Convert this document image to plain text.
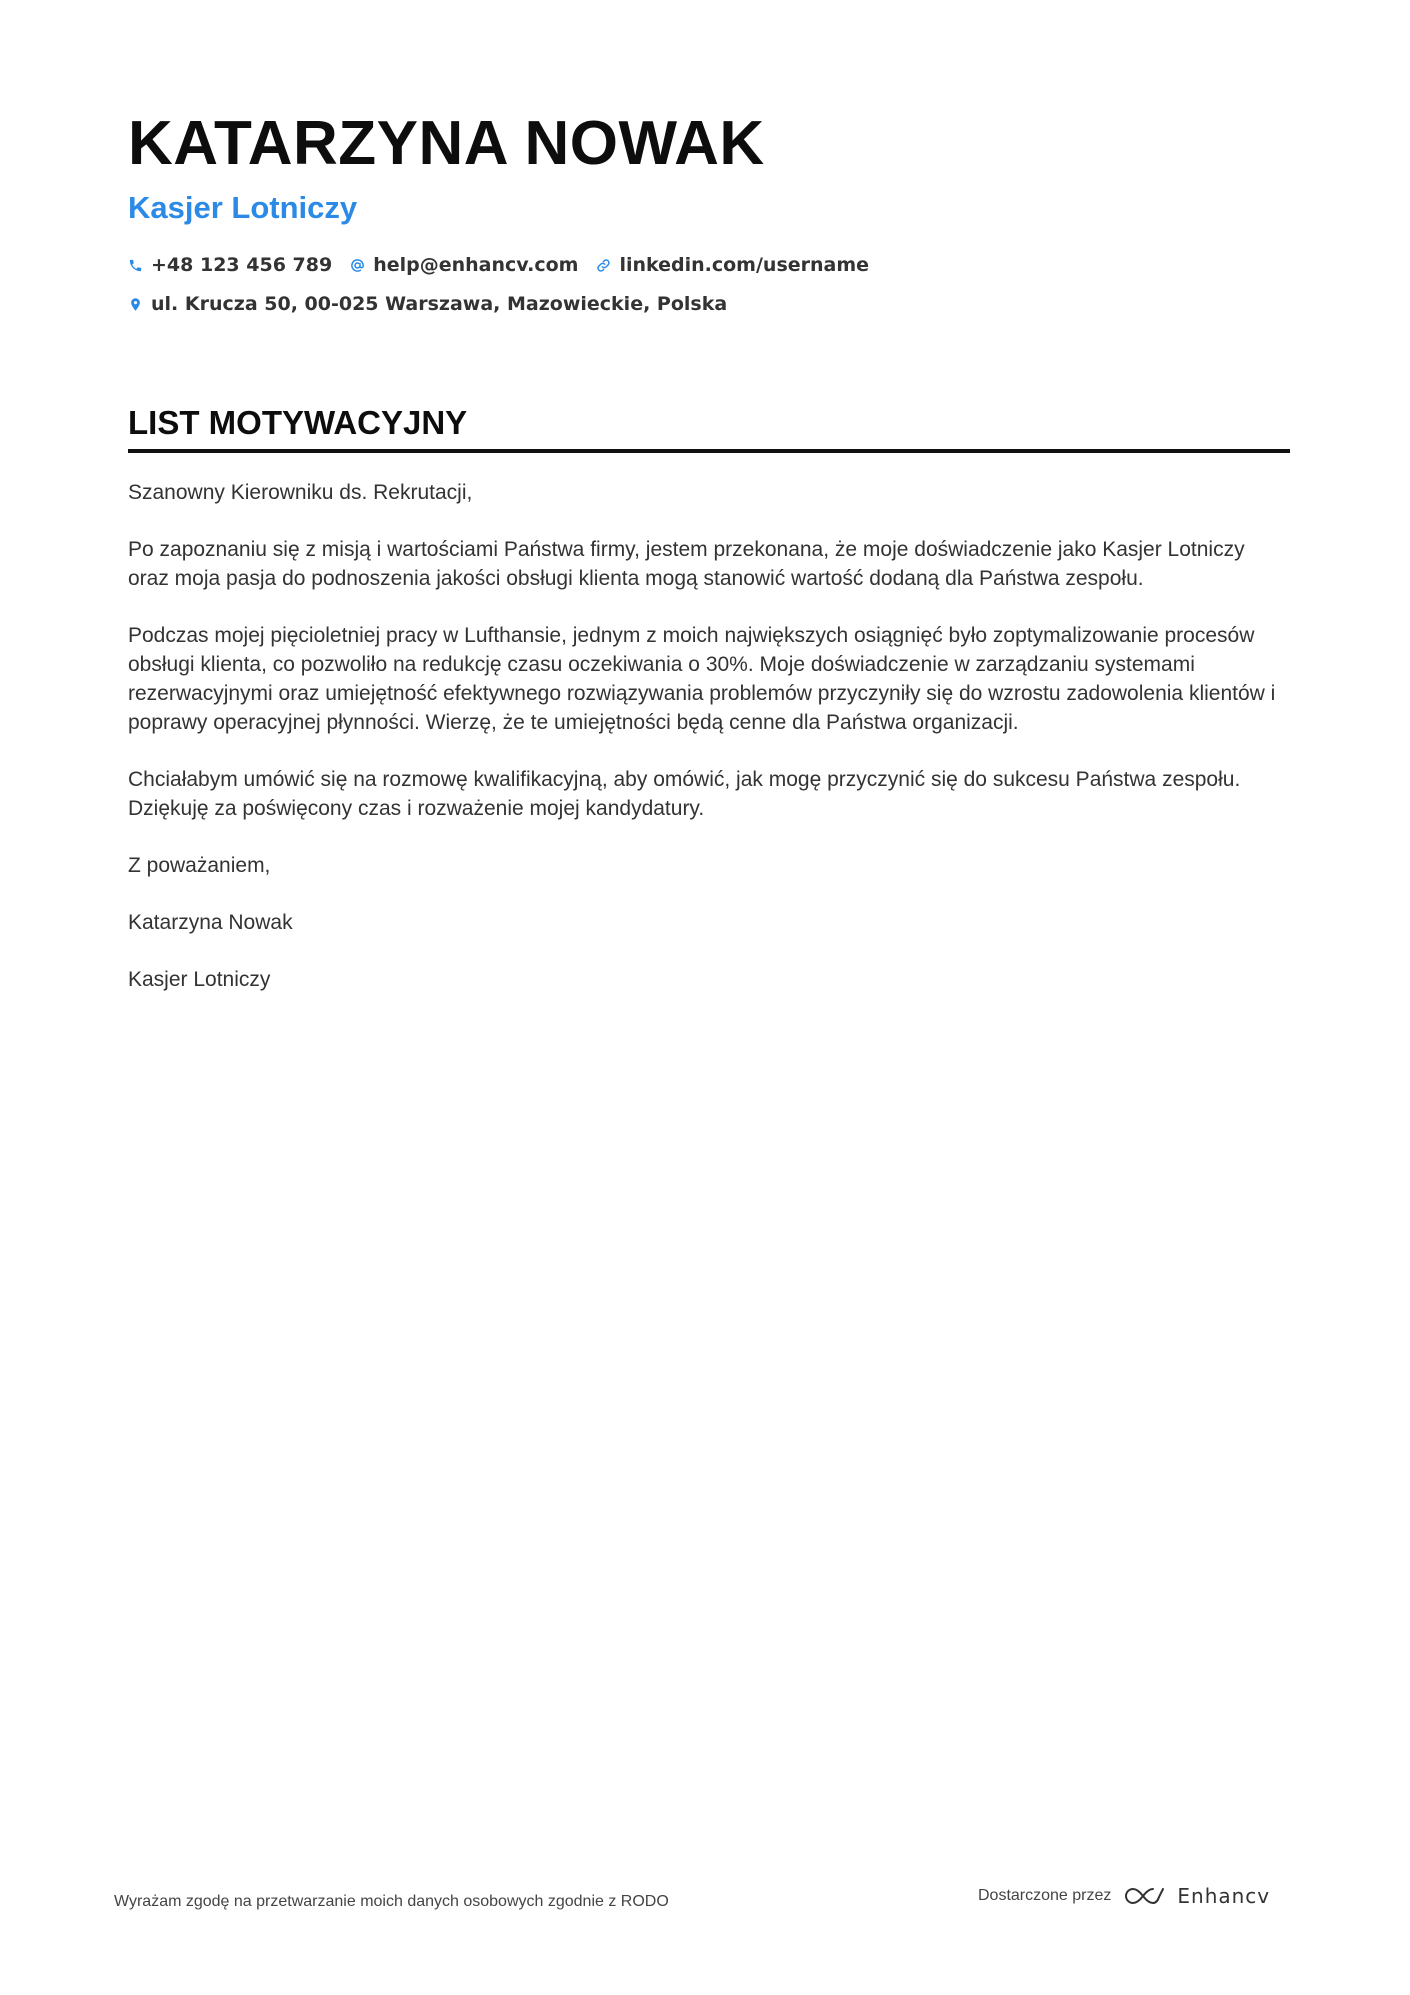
KATARZYNA NOWAK
Kasjer Lotniczy
+48 123 456 789 help@enhancv.com linkedin.com/username
ul. Krucza 50, 00-025 Warszawa, Mazowieckie, Polska
LIST MOTYWACYJNY

Szanowny Kierowniku ds. Rekrutacji,

Po zapoznaniu się z misją i wartościami Państwa firmy, jestem przekonana, że moje doświadczenie jako Kasjer Lotniczy oraz moja pasja do podnoszenia jakości obsługi klienta mogą stanowić wartość dodaną dla Państwa zespołu.

Podczas mojej pięcioletniej pracy w Lufthansie, jednym z moich największych osiągnięć było zoptymalizowanie procesów obsługi klienta, co pozwoliło na redukcję czasu oczekiwania o 30%. Moje doświadczenie w zarządzaniu systemami rezerwacyjnymi oraz umiejętność efektywnego rozwiązywania problemów przyczyniły się do wzrostu zadowolenia klientów i poprawy operacyjnej płynności. Wierzę, że te umiejętności będą cenne dla Państwa organizacji.

Chciałabym umówić się na rozmowę kwalifikacyjną, aby omówić, jak mogę przyczynić się do sukcesu Państwa zespołu. Dziękuję za poświęcony czas i rozważenie mojej kandydatury.

Z poważaniem,

Katarzyna Nowak

Kasjer Lotniczy

Wyrażam zgodę na przetwarzanie moich danych osobowych zgodnie z RODO	Dostarczone przez	Enhancv
